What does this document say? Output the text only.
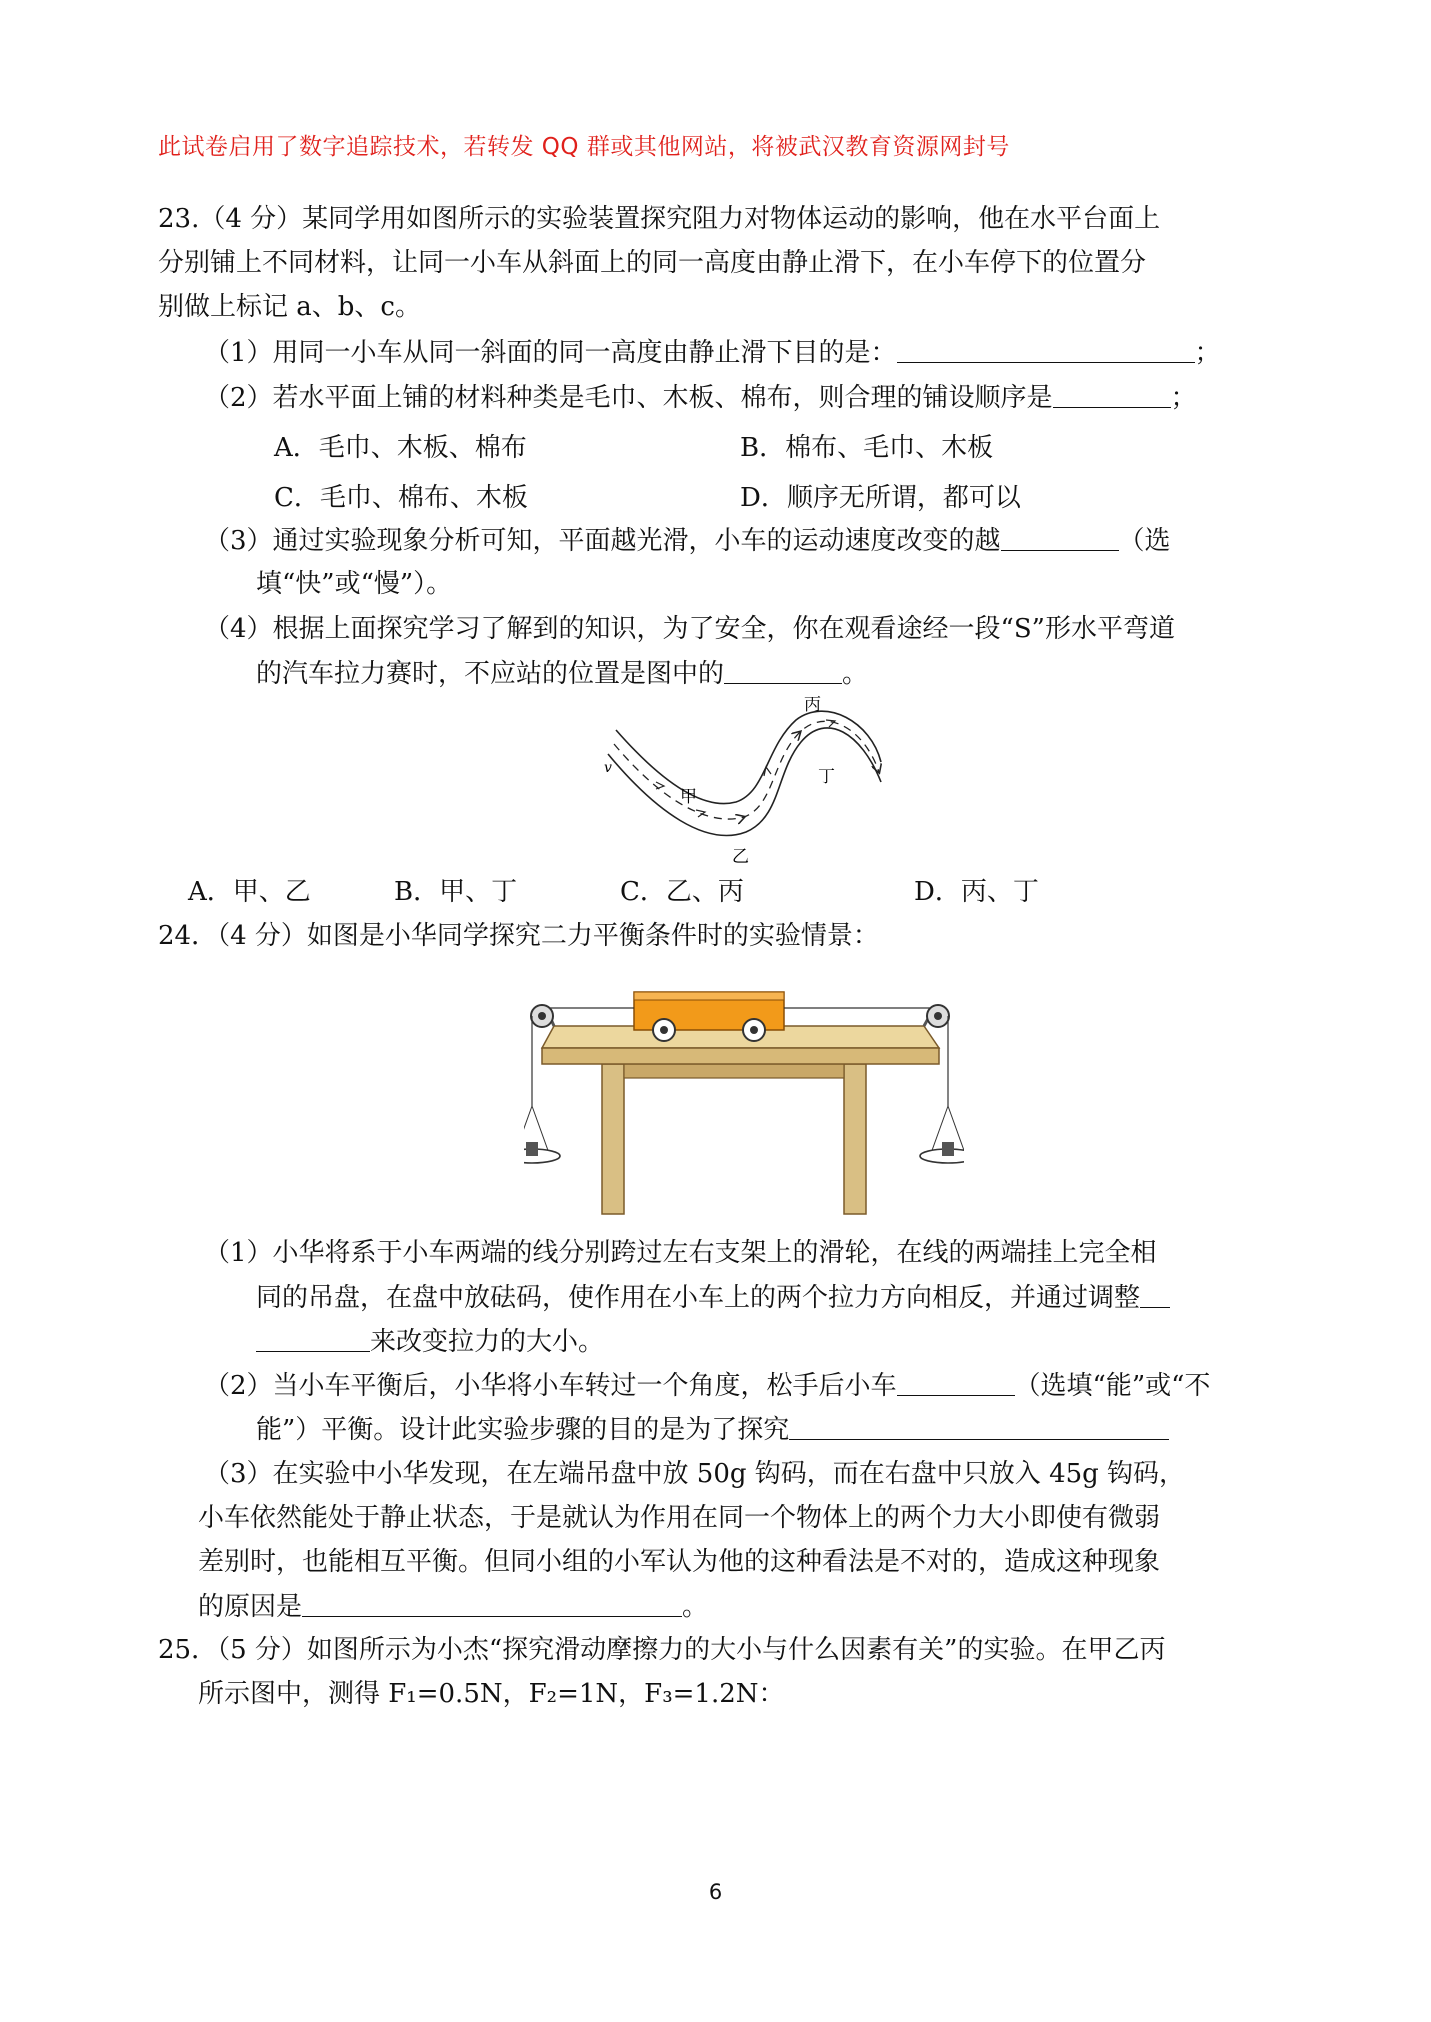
此试卷启用了数字追踪技术，若转发 QQ 群或其他网站，将被武汉教育资源网封号
23.（4 分）某同学用如图所示的实验装置探究阻力对物体运动的影响，他在水平台面上
分别铺上不同材料，让同一小车从斜面上的同一高度由静止滑下，在小车停下的位置分
别做上标记 a、b、c。
（1）用同一小车从同一斜面的同一高度由静止滑下目的是：	；
（2）若水平面上铺的材料种类是毛巾、木板、棉布，则合理的铺设顺序是	；
A．毛巾、木板、棉布	B．棉布、毛巾、木板
C．毛巾、棉布、木板	D．顺序无所谓，都可以
（3）通过实验现象分析可知，平面越光滑，小车的运动速度改变的越	（选
填“快”或“慢”）。
（4）根据上面探究学习了解到的知识，为了安全，你在观看途经一段“S”形水平弯道
的汽车拉力赛时，不应站的位置是图中的	。
v
甲
乙
丙
丁
A．甲、乙	B．甲、丁	C．乙、丙	D．丙、丁
24．（4 分）如图是小华同学探究二力平衡条件时的实验情景：
（1）小华将系于小车两端的线分别跨过左右支架上的滑轮，在线的两端挂上完全相
同的吊盘，在盘中放砝码，使作用在小车上的两个拉力方向相反，并通过调整
来改变拉力的大小。
（2）当小车平衡后，小华将小车转过一个角度，松手后小车	（选填“能”或“不
能”）平衡。设计此实验步骤的目的是为了探究
（3）在实验中小华发现，在左端吊盘中放 50g 钩码，而在右盘中只放入 45g 钩码，
小车依然能处于静止状态，于是就认为作用在同一个物体上的两个力大小即使有微弱
差别时，也能相互平衡。但同小组的小军认为他的这种看法是不对的，造成这种现象
的原因是	。
25．（5 分）如图所示为小杰“探究滑动摩擦力的大小与什么因素有关”的实验。在甲乙丙
所示图中，测得 F₁=0.5N，F₂=1N，F₃=1.2N：
6
